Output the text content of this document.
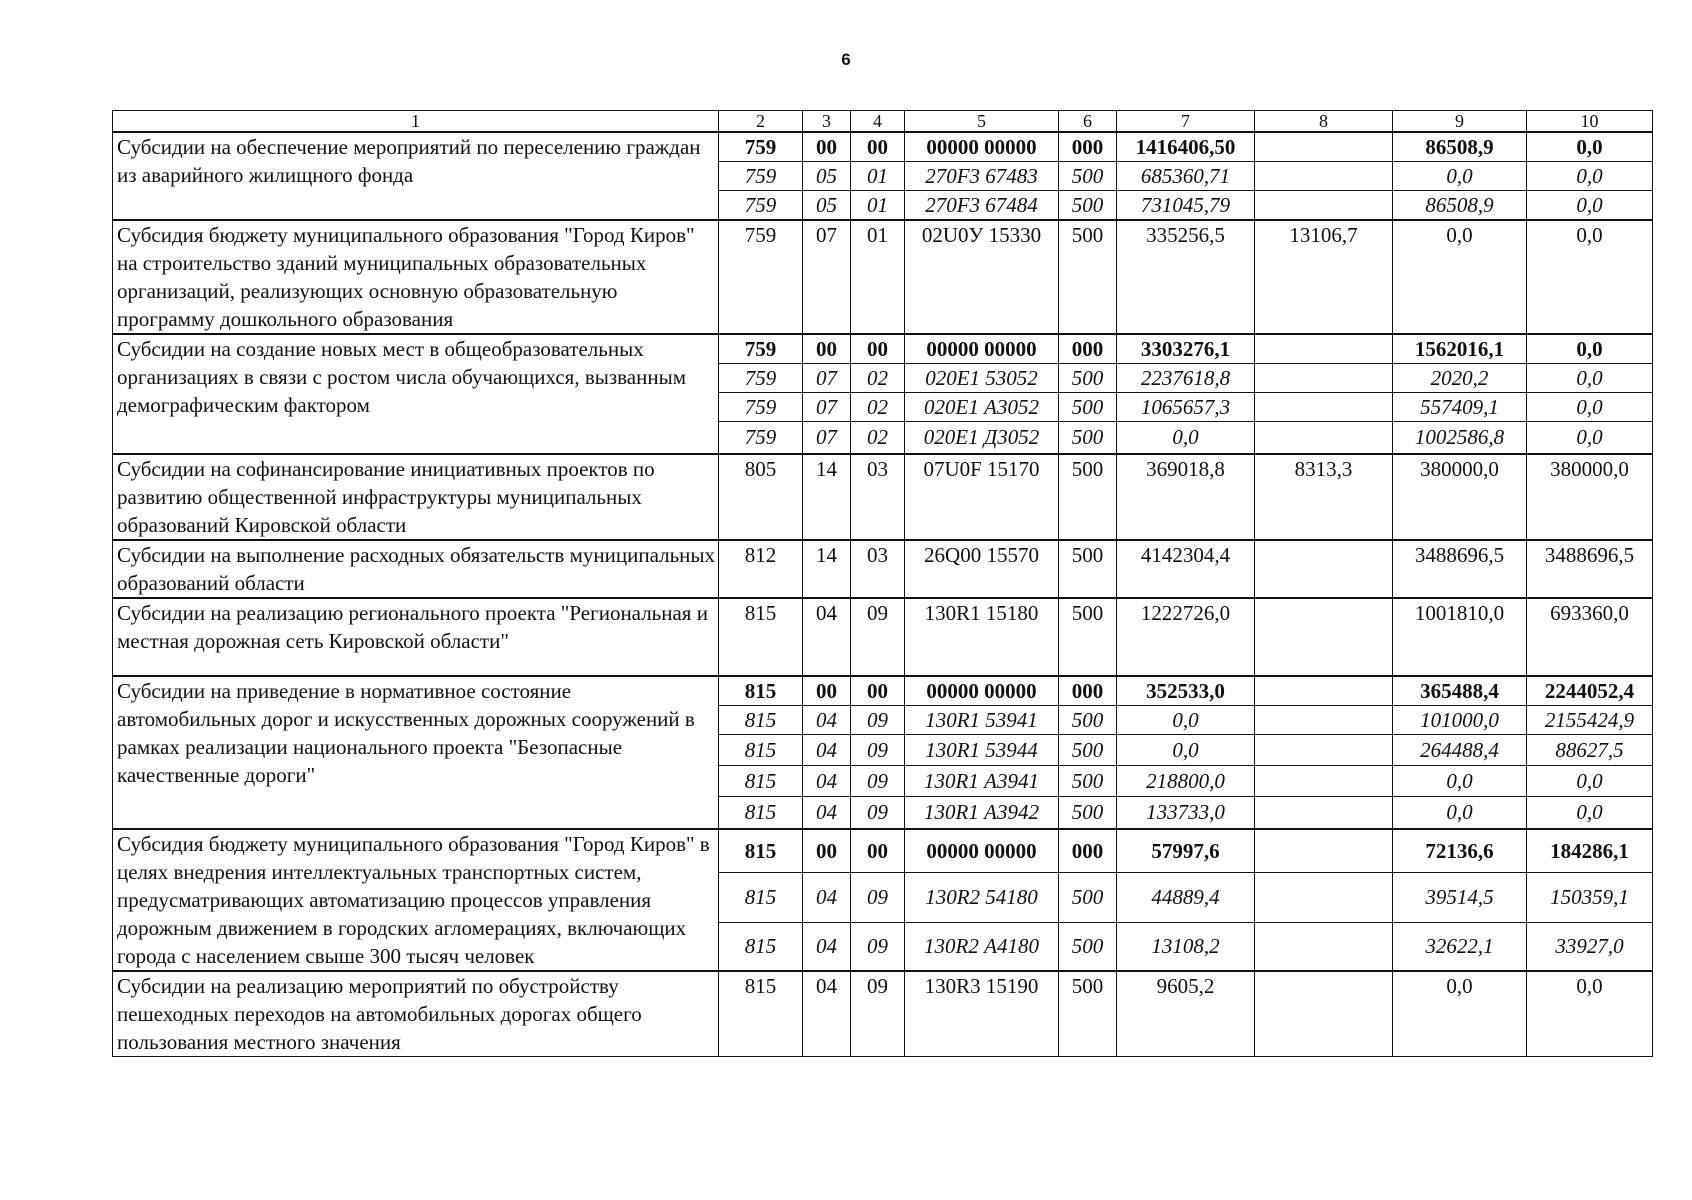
6
1	2	3	4	5	6	7	8	9	10
Субсидии на обеспечение мероприятий по переселению граждан из аварийного жилищного фонда	759	00	00	00000 00000	000	1416406,50		86508,9	0,0
	759	05	01	270F3 67483	500	685360,71		0,0	0,0
	759	05	01	270F3 67484	500	731045,79		86508,9	0,0
Субсидия бюджету муниципального образования "Город Киров" на строительство зданий муниципальных образовательных организаций, реализующих основную образовательную программу дошкольного образования	759	07	01	02U0У 15330	500	335256,5	13106,7	0,0	0,0
Субсидии на создание новых мест в общеобразовательных организациях в связи с ростом числа обучающихся, вызванным демографическим фактором	759	00	00	00000 00000	000	3303276,1		1562016,1	0,0
	759	07	02	020E1 53052	500	2237618,8		2020,2	0,0
	759	07	02	020E1 А3052	500	1065657,3		557409,1	0,0
	759	07	02	020E1 Д3052	500	0,0		1002586,8	0,0
Субсидии на софинансирование инициативных проектов по развитию общественной инфраструктуры муниципальных образований Кировской области	805	14	03	07U0F 15170	500	369018,8	8313,3	380000,0	380000,0
Субсидии на выполнение расходных обязательств муниципальных образований области	812	14	03	26Q00 15570	500	4142304,4		3488696,5	3488696,5
Субсидии на реализацию регионального проекта "Региональная и местная дорожная сеть Кировской области"	815	04	09	130R1 15180	500	1222726,0		1001810,0	693360,0
Субсидии на приведение в нормативное состояние автомобильных дорог и искусственных дорожных сооружений в рамках реализации национального проекта "Безопасные качественные дороги"	815	00	00	00000 00000	000	352533,0		365488,4	2244052,4
	815	04	09	130R1 53941	500	0,0		101000,0	2155424,9
	815	04	09	130R1 53944	500	0,0		264488,4	88627,5
	815	04	09	130R1 А3941	500	218800,0		0,0	0,0
	815	04	09	130R1 А3942	500	133733,0		0,0	0,0
Субсидия бюджету муниципального образования "Город Киров" в целях внедрения интеллектуальных транспортных систем, предусматривающих автоматизацию процессов управления дорожным движением в городских агломерациях, включающих города с населением свыше 300 тысяч человек	815	00	00	00000 00000	000	57997,6		72136,6	184286,1
	815	04	09	130R2 54180	500	44889,4		39514,5	150359,1
	815	04	09	130R2 А4180	500	13108,2		32622,1	33927,0
Субсидии на реализацию мероприятий по обустройству пешеходных переходов на автомобильных дорогах общего пользования местного значения	815	04	09	130R3 15190	500	9605,2		0,0	0,0
